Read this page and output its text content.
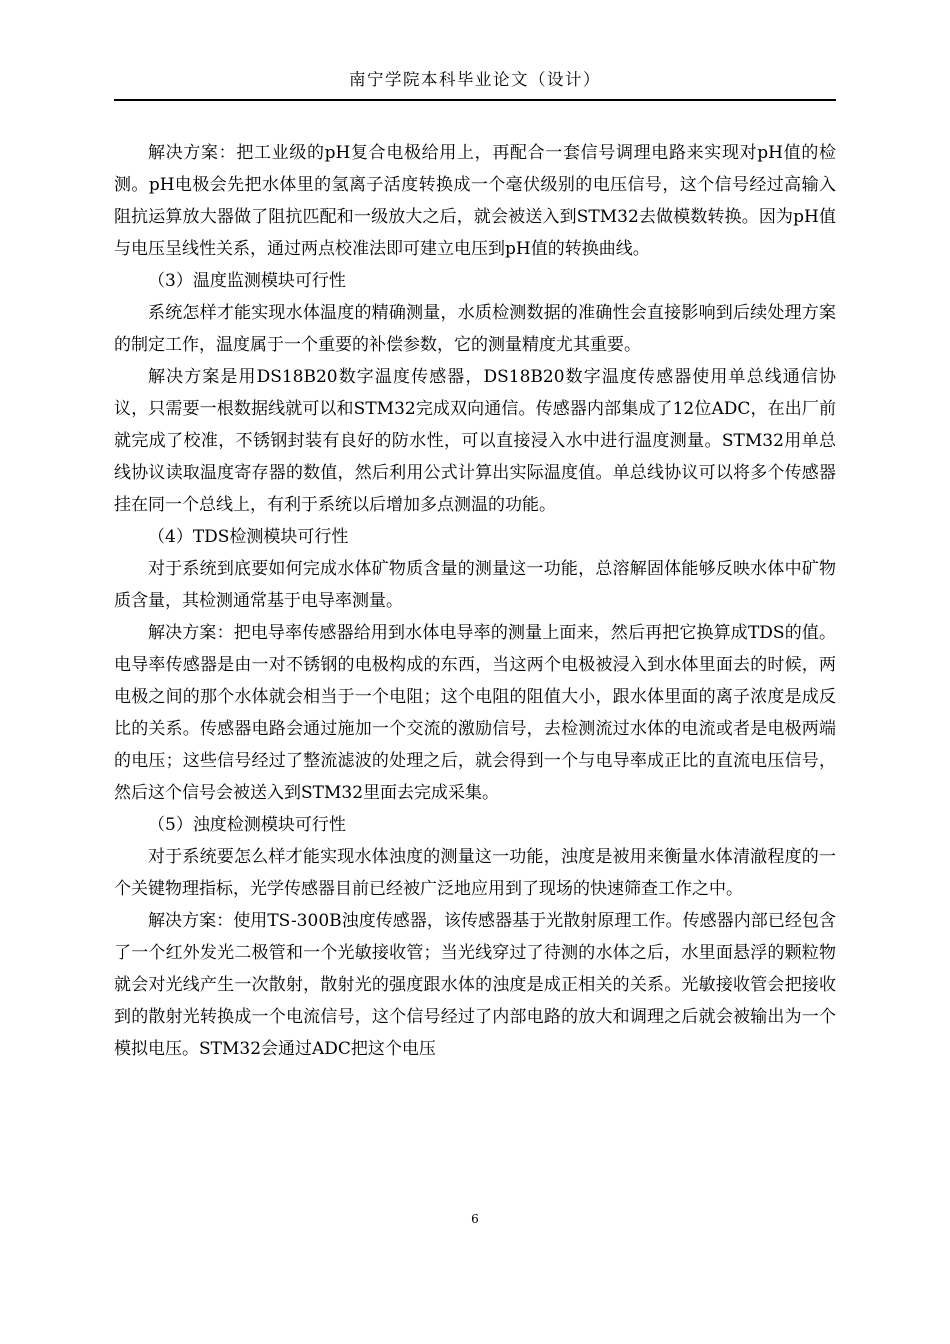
南宁学院本科毕业论文（设计）

解决方案：把工业级的pH复合电极给用上，再配合一套信号调理电路来实现对pH值的检测。pH电极会先把水体里的氢离子活度转换成一个毫伏级别的电压信号，这个信号经过高输入阻抗运算放大器做了阻抗匹配和一级放大之后，就会被送入到STM32去做模数转换。因为pH值与电压呈线性关系，通过两点校准法即可建立电压到pH值的转换曲线。

（3）温度监测模块可行性

系统怎样才能实现水体温度的精确测量，水质检测数据的准确性会直接影响到后续处理方案的制定工作，温度属于一个重要的补偿参数，它的测量精度尤其重要。

解决方案是用DS18B20数字温度传感器，DS18B20数字温度传感器使用单总线通信协议，只需要一根数据线就可以和STM32完成双向通信。传感器内部集成了12位ADC，在出厂前就完成了校准，不锈钢封装有良好的防水性，可以直接浸入水中进行温度测量。STM32用单总线协议读取温度寄存器的数值，然后利用公式计算出实际温度值。单总线协议可以将多个传感器挂在同一个总线上，有利于系统以后增加多点测温的功能。

（4）TDS检测模块可行性

对于系统到底要如何完成水体矿物质含量的测量这一功能，总溶解固体能够反映水体中矿物质含量，其检测通常基于电导率测量。

解决方案：把电导率传感器给用到水体电导率的测量上面来，然后再把它换算成TDS的值。电导率传感器是由一对不锈钢的电极构成的东西，当这两个电极被浸入到水体里面去的时候，两电极之间的那个水体就会相当于一个电阻；这个电阻的阻值大小，跟水体里面的离子浓度是成反比的关系。传感器电路会通过施加一个交流的激励信号，去检测流过水体的电流或者是电极两端的电压；这些信号经过了整流滤波的处理之后，就会得到一个与电导率成正比的直流电压信号，然后这个信号会被送入到STM32里面去完成采集。

（5）浊度检测模块可行性

对于系统要怎么样才能实现水体浊度的测量这一功能，浊度是被用来衡量水体清澈程度的一个关键物理指标，光学传感器目前已经被广泛地应用到了现场的快速筛查工作之中。

解决方案：使用TS-300B浊度传感器，该传感器基于光散射原理工作。传感器内部已经包含了一个红外发光二极管和一个光敏接收管；当光线穿过了待测的水体之后，水里面悬浮的颗粒物就会对光线产生一次散射，散射光的强度跟水体的浊度是成正相关的关系。光敏接收管会把接收到的散射光转换成一个电流信号，这个信号经过了内部电路的放大和调理之后就会被输出为一个模拟电压。STM32会通过ADC把这个电压

6
